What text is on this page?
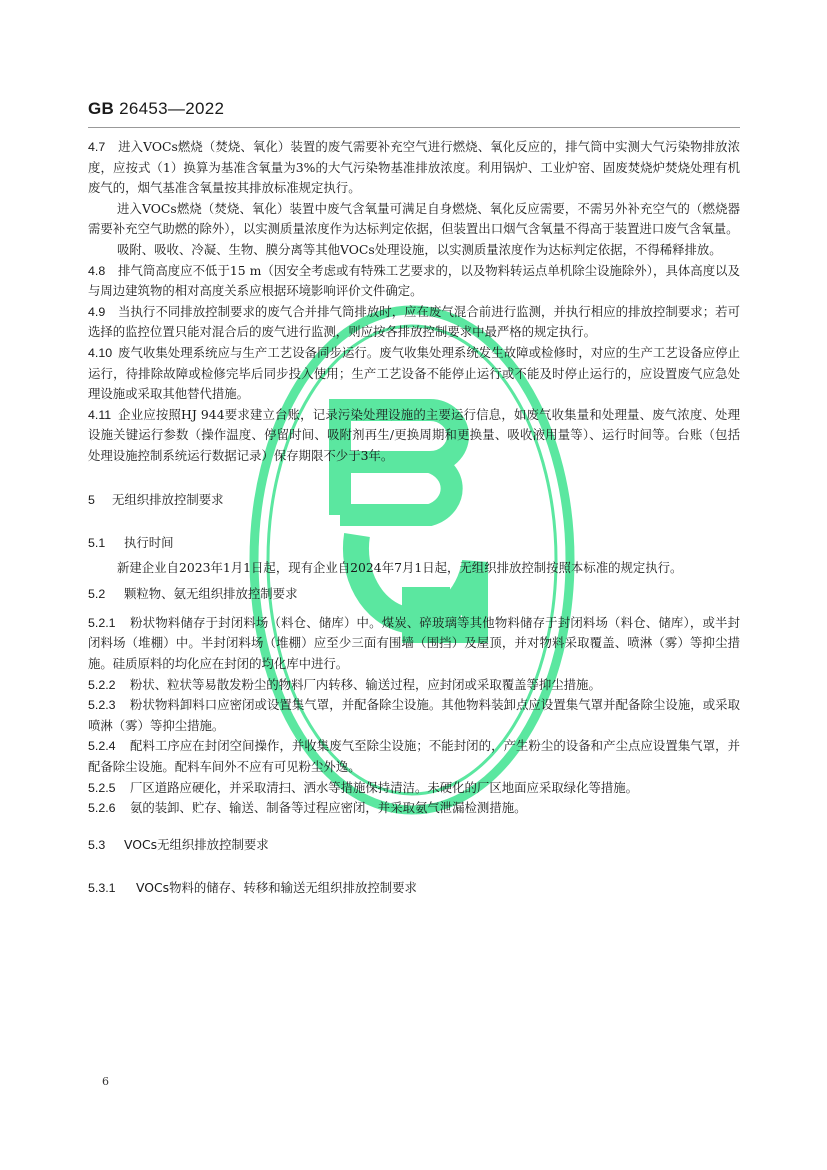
GB 26453—2022

4.7 进入VOCs燃烧（焚烧、氧化）装置的废气需要补充空气进行燃烧、氧化反应的，排气筒中实测大气污染物排放浓度，应按式（1）换算为基准含氧量为3%的大气污染物基准排放浓度。利用锅炉、工业炉窑、固废焚烧炉焚烧处理有机废气的，烟气基准含氧量按其排放标准规定执行。

进入VOCs燃烧（焚烧、氧化）装置中废气含氧量可满足自身燃烧、氧化反应需要，不需另外补充空气的（燃烧器需要补充空气助燃的除外），以实测质量浓度作为达标判定依据，但装置出口烟气含氧量不得高于装置进口废气含氧量。

吸附、吸收、冷凝、生物、膜分离等其他VOCs处理设施，以实测质量浓度作为达标判定依据，不得稀释排放。

4.8 排气筒高度应不低于15 m（因安全考虑或有特殊工艺要求的，以及物料转运点单机除尘设施除外），具体高度以及与周边建筑物的相对高度关系应根据环境影响评价文件确定。

4.9 当执行不同排放控制要求的废气合并排气筒排放时，应在废气混合前进行监测，并执行相应的排放控制要求；若可选择的监控位置只能对混合后的废气进行监测，则应按各排放控制要求中最严格的规定执行。

4.10 废气收集处理系统应与生产工艺设备同步运行。废气收集处理系统发生故障或检修时，对应的生产工艺设备应停止运行，待排除故障或检修完毕后同步投入使用；生产工艺设备不能停止运行或不能及时停止运行的，应设置废气应急处理设施或采取其他替代措施。

4.11 企业应按照HJ 944要求建立台账，记录污染处理设施的主要运行信息，如废气收集量和处理量、废气浓度、处理设施关键运行参数（操作温度、停留时间、吸附剂再生/更换周期和更换量、吸收液用量等）、运行时间等。台账（包括处理设施控制系统运行数据记录）保存期限不少于3年。

5 无组织排放控制要求

5.1 执行时间

新建企业自2023年1月1日起，现有企业自2024年7月1日起，无组织排放控制按照本标准的规定执行。

5.2 颗粒物、氨无组织排放控制要求

5.2.1 粉状物料储存于封闭料场（料仓、储库）中。煤炭、碎玻璃等其他物料储存于封闭料场（料仓、储库），或半封闭料场（堆棚）中。半封闭料场（堆棚）应至少三面有围墙（围挡）及屋顶，并对物料采取覆盖、喷淋（雾）等抑尘措施。硅质原料的均化应在封闭的均化库中进行。

5.2.2 粉状、粒状等易散发粉尘的物料厂内转移、输送过程，应封闭或采取覆盖等抑尘措施。

5.2.3 粉状物料卸料口应密闭或设置集气罩，并配备除尘设施。其他物料装卸点应设置集气罩并配备除尘设施，或采取喷淋（雾）等抑尘措施。

5.2.4 配料工序应在封闭空间操作，并收集废气至除尘设施；不能封闭的，产生粉尘的设备和产尘点应设置集气罩，并配备除尘设施。配料车间外不应有可见粉尘外逸。

5.2.5 厂区道路应硬化，并采取清扫、洒水等措施保持清洁。未硬化的厂区地面应采取绿化等措施。

5.2.6 氨的装卸、贮存、输送、制备等过程应密闭，并采取氨气泄漏检测措施。

5.3 VOCs无组织排放控制要求

5.3.1 VOCs物料的储存、转移和输送无组织排放控制要求

6
